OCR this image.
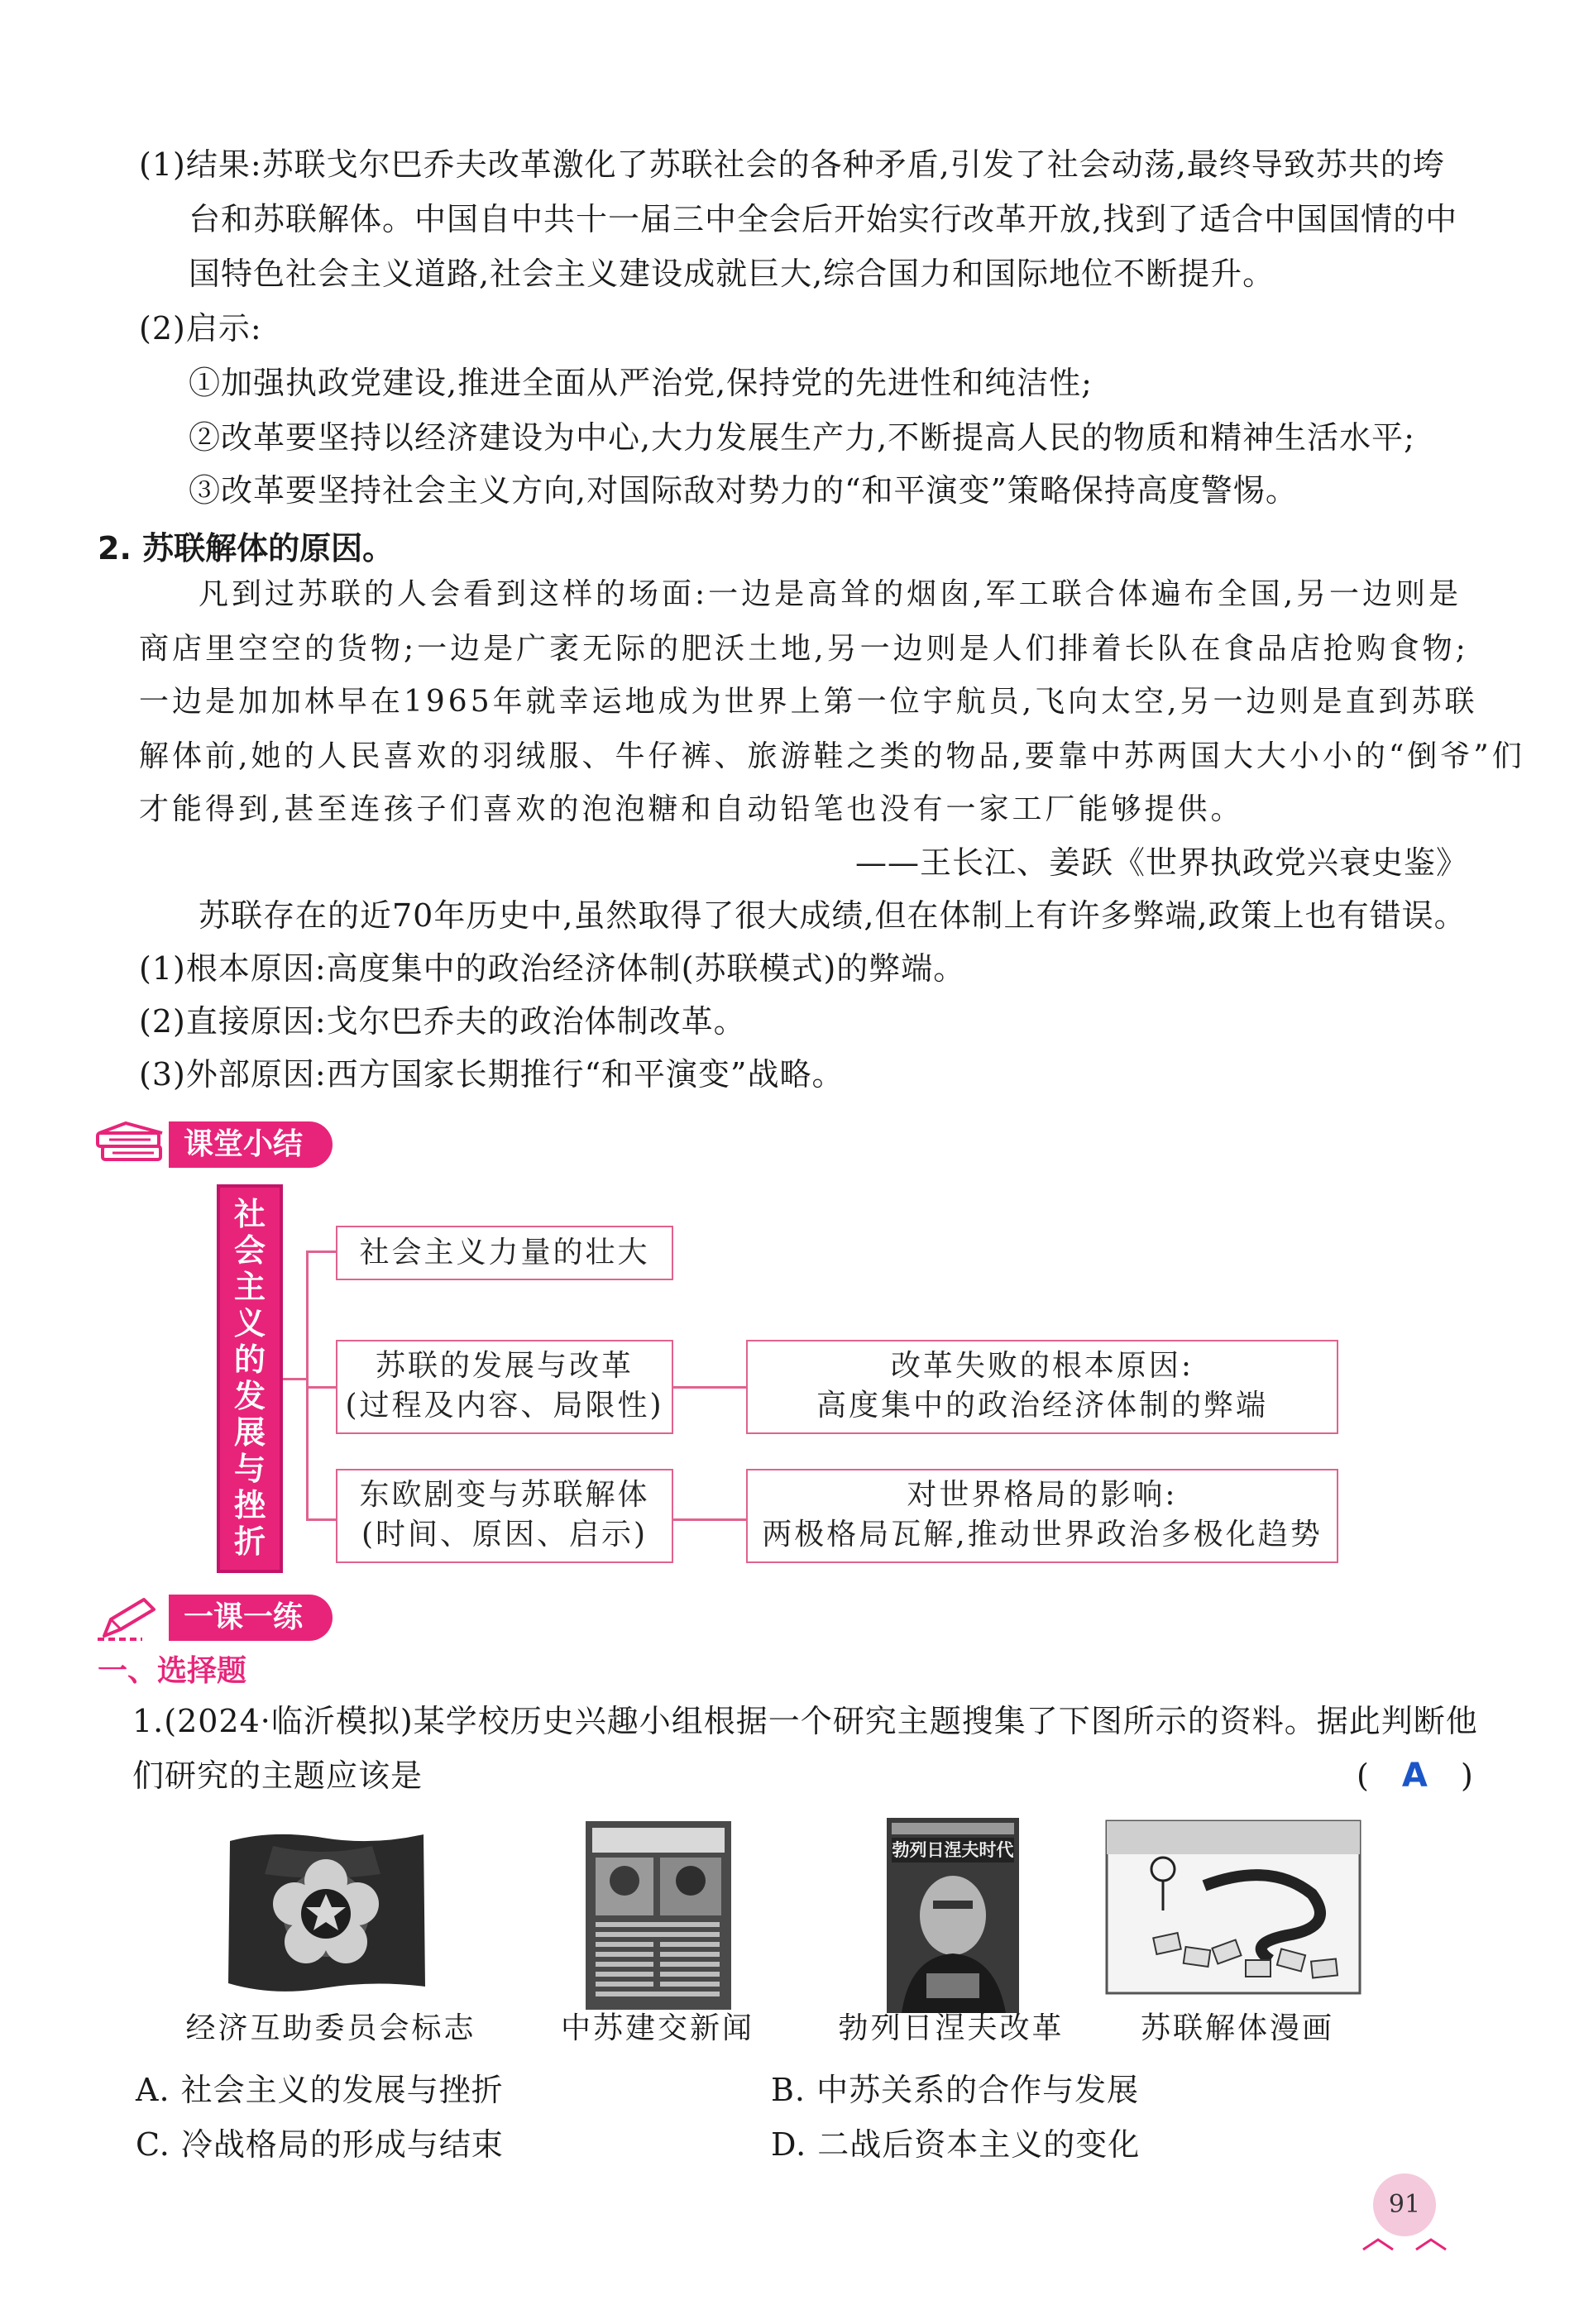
(1)结果:苏联戈尔巴乔夫改革激化了苏联社会的各种矛盾,引发了社会动荡,最终导致苏共的垮
台和苏联解体。中国自中共十一届三中全会后开始实行改革开放,找到了适合中国国情的中
国特色社会主义道路,社会主义建设成就巨大,综合国力和国际地位不断提升。
(2)启示:
①加强执政党建设,推进全面从严治党,保持党的先进性和纯洁性;
②改革要坚持以经济建设为中心,大力发展生产力,不断提高人民的物质和精神生活水平;
③改革要坚持社会主义方向,对国际敌对势力的“和平演变”策略保持高度警惕。
2. 苏联解体的原因。
凡到过苏联的人会看到这样的场面:一边是高耸的烟囱,军工联合体遍布全国,另一边则是
商店里空空的货物;一边是广袤无际的肥沃土地,另一边则是人们排着长队在食品店抢购食物;
一边是加加林早在1965年就幸运地成为世界上第一位宇航员,飞向太空,另一边则是直到苏联
解体前,她的人民喜欢的羽绒服、牛仔裤、旅游鞋之类的物品,要靠中苏两国大大小小的“倒爷”们
才能得到,甚至连孩子们喜欢的泡泡糖和自动铅笔也没有一家工厂能够提供。
——王长江、姜跃《世界执政党兴衰史鉴》
苏联存在的近70年历史中,虽然取得了很大成绩,但在体制上有许多弊端,政策上也有错误。
(1)根本原因:高度集中的政治经济体制(苏联模式)的弊端。
(2)直接原因:戈尔巴乔夫的政治体制改革。
(3)外部原因:西方国家长期推行“和平演变”战略。
课堂小结
社会主义的发展与挫折
社会主义力量的壮大
苏联的发展与改革
(过程及内容、局限性)
改革失败的根本原因:
高度集中的政治经济体制的弊端
东欧剧变与苏联解体
(时间、原因、启示)
对世界格局的影响:
两极格局瓦解,推动世界政治多极化趋势
一课一练
一、选择题
1.(2024·临沂模拟)某学校历史兴趣小组根据一个研究主题搜集了下图所示的资料。据此判断他
们研究的主题应该是	( A )
勃列日涅夫时代
经济互助委员会标志	中苏建交新闻	勃列日涅夫改革	苏联解体漫画
A. 社会主义的发展与挫折	B. 中苏关系的合作与发展
C. 冷战格局的形成与结束	D. 二战后资本主义的变化
91
